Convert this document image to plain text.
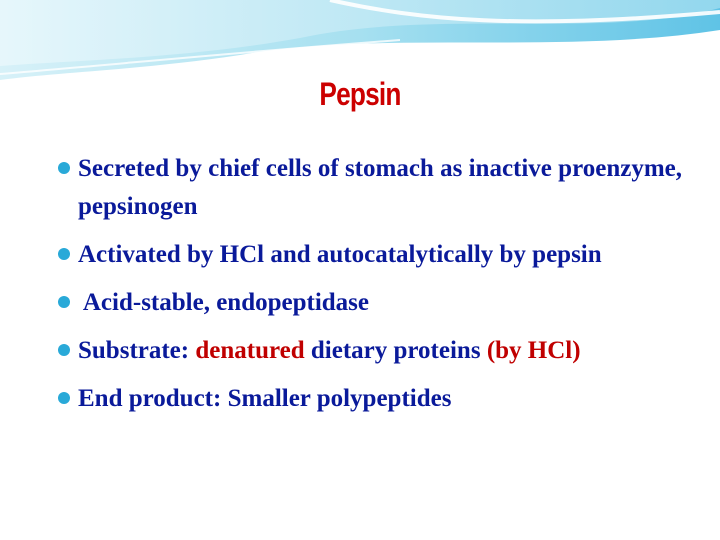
Pepsin
Secreted by chief cells of stomach as inactive proenzyme, pepsinogen
Activated by HCl and autocatalytically by pepsin
Acid-stable, endopeptidase
Substrate: denatured dietary proteins (by HCl)
End product: Smaller polypeptides
